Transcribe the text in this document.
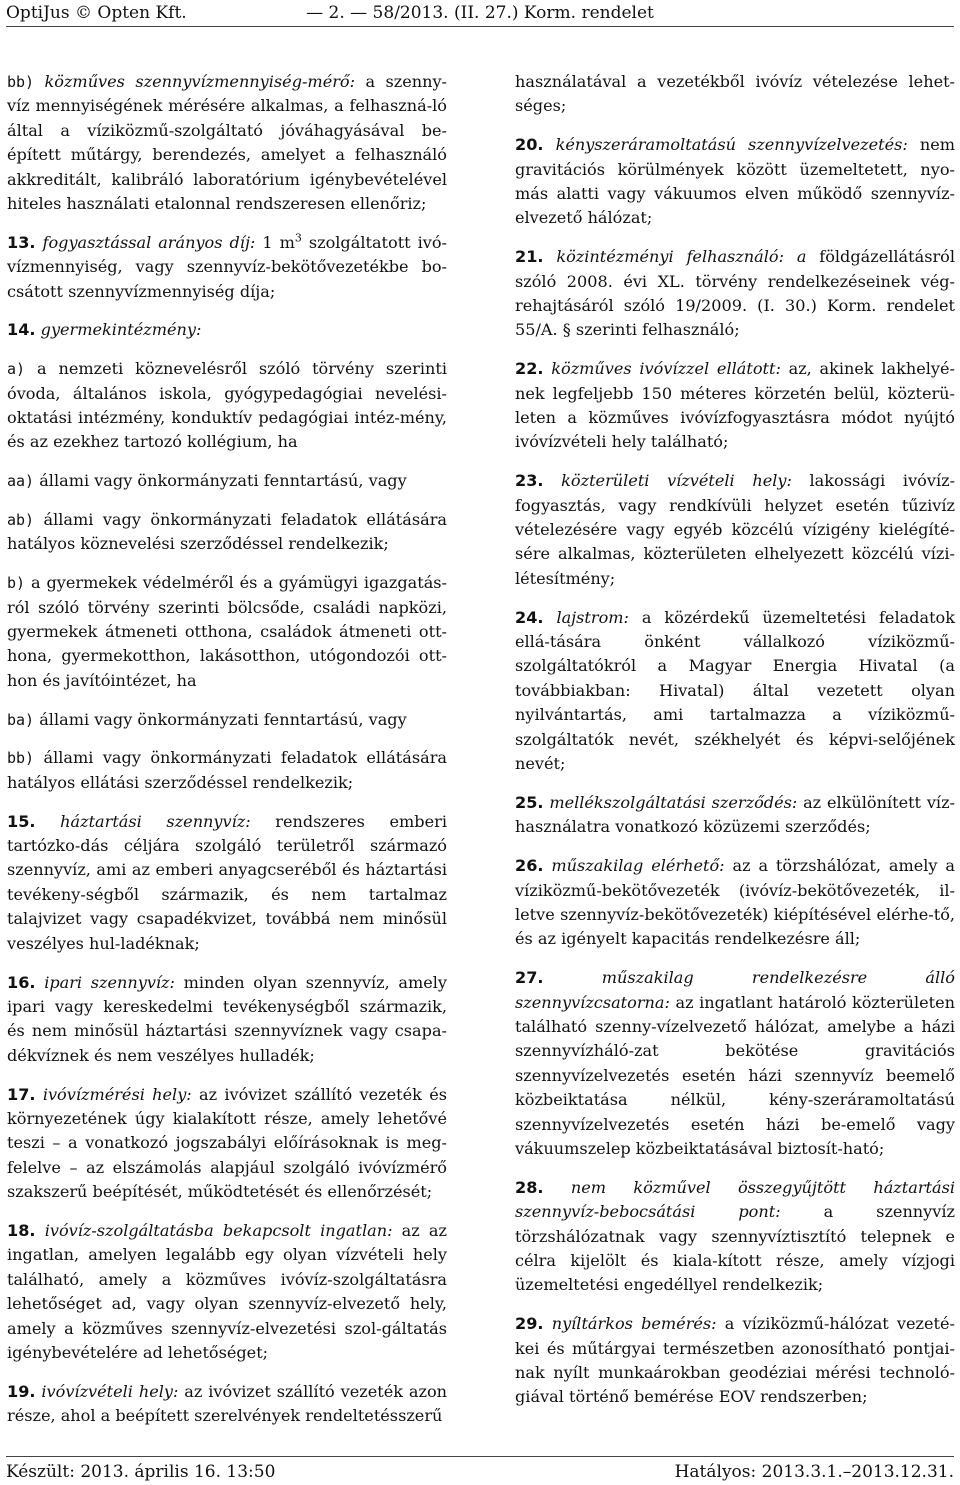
OptiJus © Opten Kft.	— 2. — 58/2013. (II. 27.) Korm. rendelet

bb) közműves szennyvízmennyiség-mérő: a szenny-víz mennyiségének mérésére alkalmas, a felhaszná-ló által a víziközmű-szolgáltató jóváhagyásával be-épített műtárgy, berendezés, amelyet a felhasználó akkreditált, kalibráló laboratórium igénybevételével hiteles használati etalonnal rendszeresen ellenőriz;

13. fogyasztással arányos díj: 1 $m^3$ szolgáltatott ivó-vízmennyiség, vagy szennyvíz-bekötővezetékbe bo-csátott szennyvízmennyiség díja;

14. gyermekintézmény:

a) a nemzeti köznevelésről szóló törvény szerinti óvoda, általános iskola, gyógypedagógiai nevelési-oktatási intézmény, konduktív pedagógiai intéz-mény, és az ezekhez tartozó kollégium, ha

aa) állami vagy önkormányzati fenntartású, vagy

ab) állami vagy önkormányzati feladatok ellátására hatályos köznevelési szerződéssel rendelkezik;

b) a gyermekek védelméről és a gyámügyi igazgatás-ról szóló törvény szerinti bölcsőde, családi napközi, gyermekek átmeneti otthona, családok átmeneti ott-hona, gyermekotthon, lakásotthon, utógondozói ott-hon és javítóintézet, ha

ba) állami vagy önkormányzati fenntartású, vagy

bb) állami vagy önkormányzati feladatok ellátására hatályos ellátási szerződéssel rendelkezik;

15. háztartási szennyvíz: rendszeres emberi tartózko-dás céljára szolgáló területről származó szennyvíz, ami az emberi anyagcseréből és háztartási tevékeny-ségből származik, és nem tartalmaz talajvizet vagy csapadékvizet, továbbá nem minősül veszélyes hul-ladéknak;

16. ipari szennyvíz: minden olyan szennyvíz, amely ipari vagy kereskedelmi tevékenységből származik, és nem minősül háztartási szennyvíznek vagy csapa-dékvíznek és nem veszélyes hulladék;

17. ivóvízmérési hely: az ivóvizet szállító vezeték és környezetének úgy kialakított része, amely lehetővé teszi – a vonatkozó jogszabályi előírásoknak is meg-felelve – az elszámolás alapjául szolgáló ivóvízmérő szakszerű beépítését, működtetését és ellenőrzését;

18. ivóvíz-szolgáltatásba bekapcsolt ingatlan: az az ingatlan, amelyen legalább egy olyan vízvételi hely található, amely a közműves ivóvíz-szolgáltatásra lehetőséget ad, vagy olyan szennyvíz-elvezető hely, amely a közműves szennyvíz-elvezetési szol-gáltatás igénybevételére ad lehetőséget;

19. ivóvízvételi hely: az ivóvizet szállító vezeték azon része, ahol a beépített szerelvények rendeltetésszerű

használatával a vezetékből ivóvíz vételezése lehet-séges;

20. kényszeráramoltatású szennyvízelvezetés: nem gravitációs körülmények között üzemeltetett, nyo-más alatti vagy vákuumos elven működő szennyvíz-elvezető hálózat;

21. közintézményi felhasználó: a földgázellátásról szóló 2008. évi XL. törvény rendelkezéseinek vég-rehajtásáról szóló 19/2009. (I. 30.) Korm. rendelet 55/A. § szerinti felhasználó;

22. közműves ivóvízzel ellátott: az, akinek lakhelyé-nek legfeljebb 150 méteres körzetén belül, közterü-leten a közműves ivóvízfogyasztásra módot nyújtó ivóvízvételi hely található;

23. közterületi vízvételi hely: lakossági ivóvíz-fogyasztás, vagy rendkívüli helyzet esetén tűzivíz vételezésére vagy egyéb közcélú vízigény kielégíté-sére alkalmas, közterületen elhelyezett közcélú vízi-létesítmény;

24. lajstrom: a közérdekű üzemeltetési feladatok ellá-tására önként vállalkozó víziközmű-szolgáltatókról a Magyar Energia Hivatal (a továbbiakban: Hivatal) által vezetett olyan nyilvántartás, ami tartalmazza a víziközmű-szolgáltatók nevét, székhelyét és képvi-selőjének nevét;

25. mellékszolgáltatási szerződés: az elkülönített víz-használatra vonatkozó közüzemi szerződés;

26. műszakilag elérhető: az a törzshálózat, amely a víziközmű-bekötővezeték (ivóvíz-bekötővezeték, il-letve szennyvíz-bekötővezeték) kiépítésével elérhe-tő, és az igényelt kapacitás rendelkezésre áll;

27.	műszakilag rendelkezésre álló szennyvízcsatorna: az ingatlant határoló közterületen található szenny-vízelvezető hálózat, amelybe a házi szennyvízháló-zat bekötése gravitációs szennyvízelvezetés esetén házi szennyvíz beemelő közbeiktatása nélkül, kény-szeráramoltatású szennyvízelvezetés esetén házi be-emelő vagy vákuumszelep közbeiktatásával biztosít-ható;

28. nem közművel összegyűjtött háztartási szennyvíz-bebocsátási pont: a szennyvíz törzshálózatnak vagy szennyvíztisztító telepnek e célra kijelölt és kiala-kított része, amely vízjogi üzemeltetési engedéllyel rendelkezik;

29. nyíltárkos bemérés: a víziközmű-hálózat vezeté-kei és műtárgyai természetben azonosítható pontjai-nak nyílt munkaárokban geodéziai mérési technoló-giával történő bemérése EOV rendszerben;

Készült: 2013. április 16. 13:50	Hatályos: 2013.3.1.–2013.12.31.
